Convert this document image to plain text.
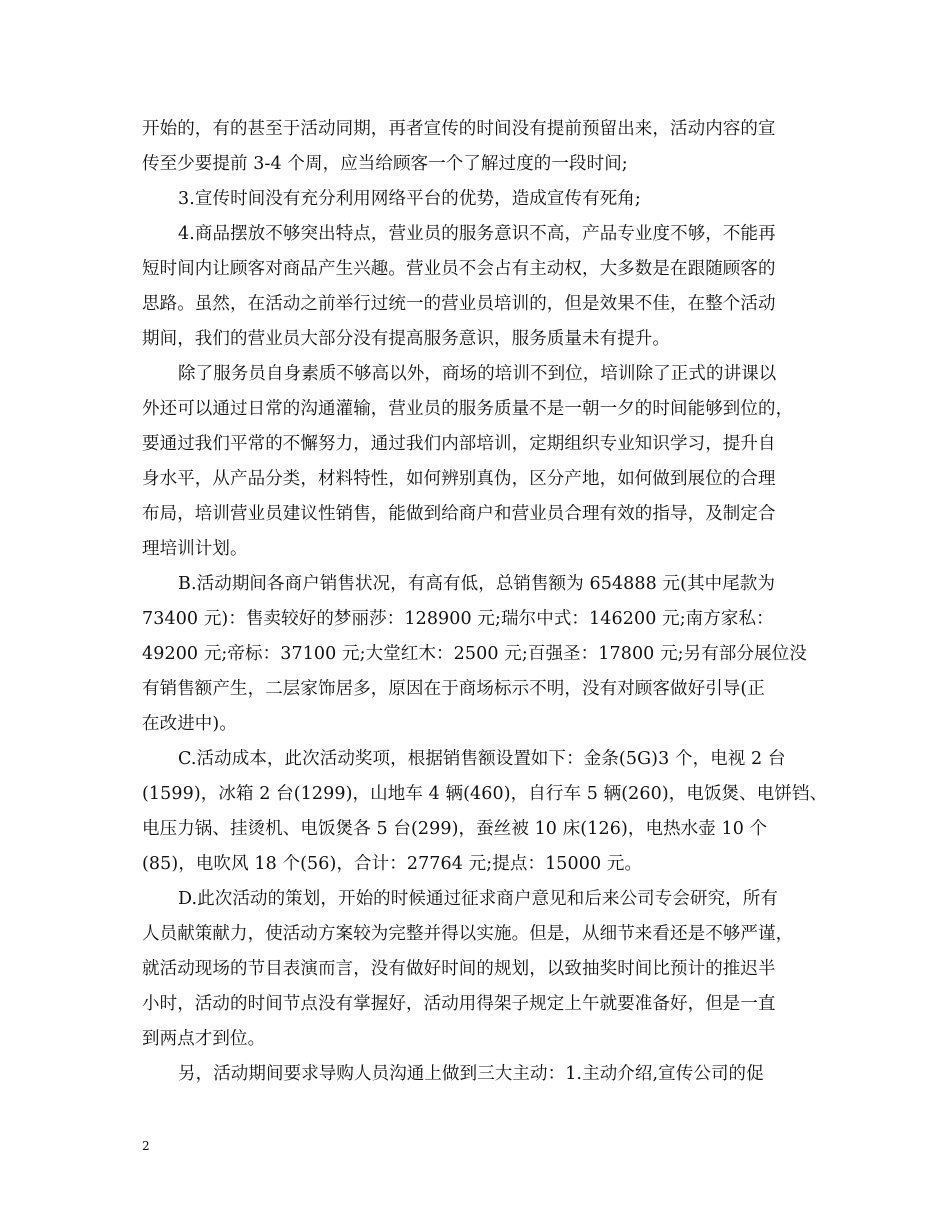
开始的，有的甚至于活动同期，再者宣传的时间没有提前预留出来，活动内容的宣
传至少要提前 3-4 个周，应当给顾客一个了解过度的一段时间;
3.宣传时间没有充分利用网络平台的优势，造成宣传有死角;
4.商品摆放不够突出特点，营业员的服务意识不高，产品专业度不够，不能再
短时间内让顾客对商品产生兴趣。营业员不会占有主动权，大多数是在跟随顾客的
思路。虽然，在活动之前举行过统一的营业员培训的，但是效果不佳，在整个活动
期间，我们的营业员大部分没有提高服务意识，服务质量未有提升。
除了服务员自身素质不够高以外，商场的培训不到位，培训除了正式的讲课以
外还可以通过日常的沟通灌输，营业员的服务质量不是一朝一夕的时间能够到位的，
要通过我们平常的不懈努力，通过我们内部培训，定期组织专业知识学习，提升自
身水平，从产品分类，材料特性，如何辨别真伪，区分产地，如何做到展位的合理
布局，培训营业员建议性销售，能做到给商户和营业员合理有效的指导，及制定合
理培训计划。
B.活动期间各商户销售状况，有高有低，总销售额为 654888 元(其中尾款为
73400 元)：售卖较好的梦丽莎：128900 元;瑞尔中式：146200 元;南方家私：
49200 元;帝标：37100 元;大堂红木：2500 元;百强圣：17800 元;另有部分展位没
有销售额产生，二层家饰居多，原因在于商场标示不明，没有对顾客做好引导(正
在改进中)。
C.活动成本，此次活动奖项，根据销售额设置如下：金条(5G)3 个，电视 2 台
(1599)，冰箱 2 台(1299)，山地车 4 辆(460)，自行车 5 辆(260)，电饭煲、电饼铛、
电压力锅、挂烫机、电饭煲各 5 台(299)，蚕丝被 10 床(126)，电热水壶 10 个
(85)，电吹风 18 个(56)，合计：27764 元;提点：15000 元。
D.此次活动的策划，开始的时候通过征求商户意见和后来公司专会研究，所有
人员献策献力，使活动方案较为完整并得以实施。但是，从细节来看还是不够严谨，
就活动现场的节目表演而言，没有做好时间的规划，以致抽奖时间比预计的推迟半
小时，活动的时间节点没有掌握好，活动用得架子规定上午就要准备好，但是一直
到两点才到位。
另，活动期间要求导购人员沟通上做到三大主动：1.主动介绍,宣传公司的促
2
